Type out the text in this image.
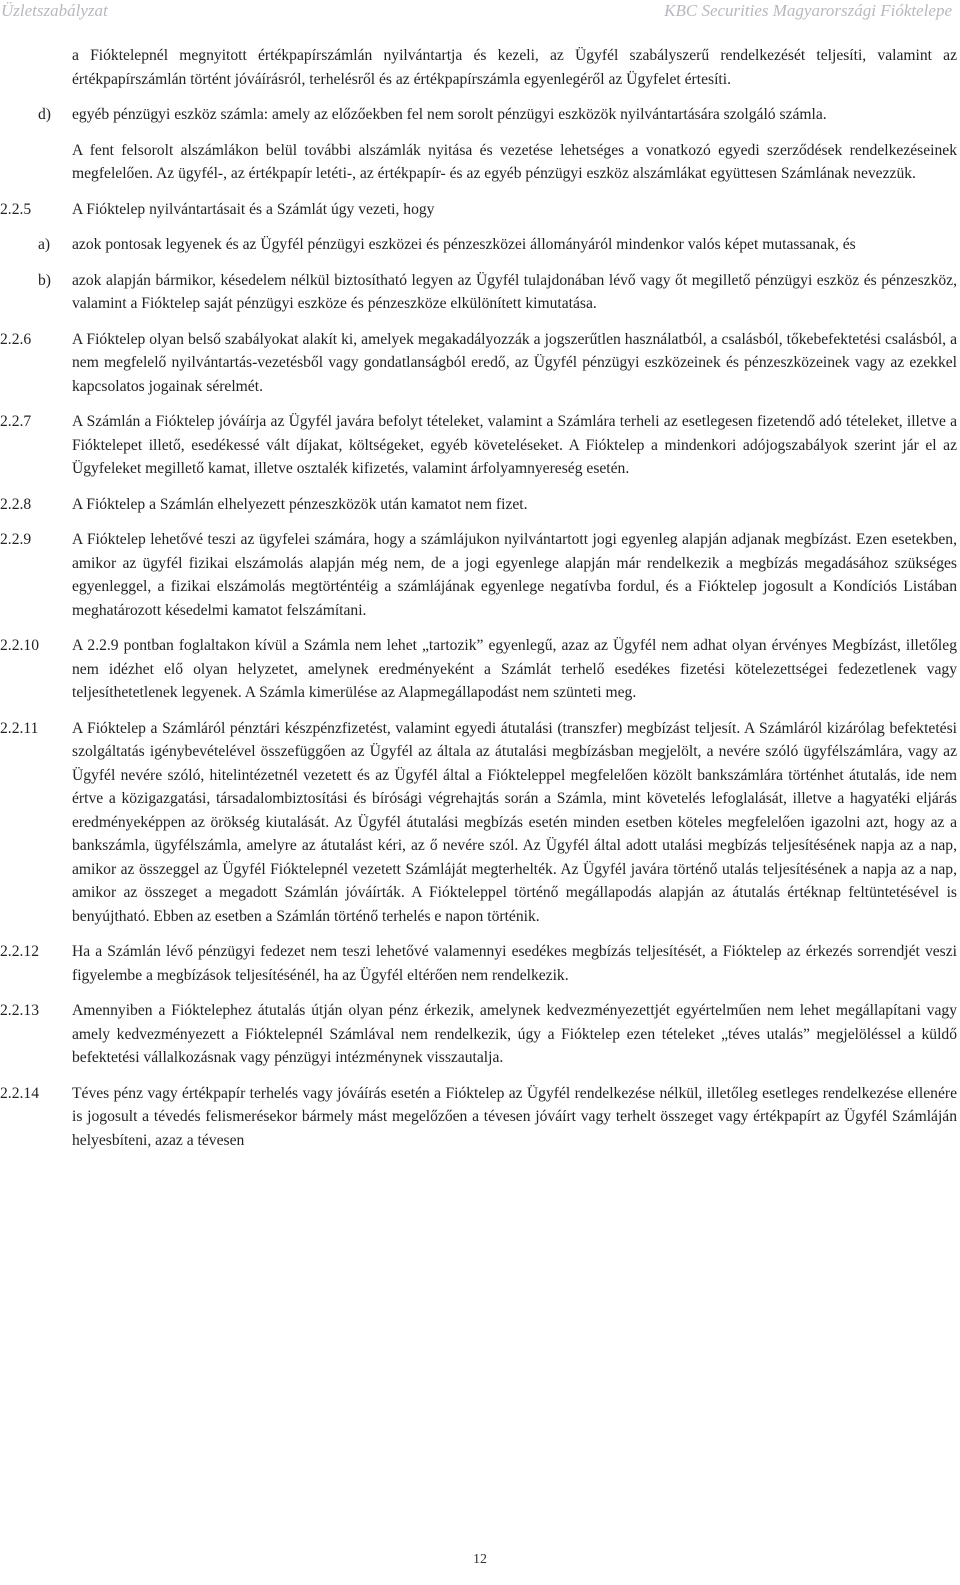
Üzletszabályzat	KBC Securities Magyarországi Fióktelepe
a Fióktelepnél megnyitott értékpapírszámlán nyilvántartja és kezeli, az Ügyfél szabályszerű rendelkezését teljesíti, valamint az értékpapírszámlán történt jóváírásról, terhelésről és az értékpapírszámla egyenlegéről az Ügyfelet értesíti.
d) egyéb pénzügyi eszköz számla: amely az előzőekben fel nem sorolt pénzügyi eszközök nyilvántartására szolgáló számla.
A fent felsorolt alszámlákon belül további alszámlák nyitása és vezetése lehetséges a vonatkozó egyedi szerződések rendelkezéseinek megfelelően. Az ügyfél-, az értékpapír letéti-, az értékpapír- és az egyéb pénzügyi eszköz alszámlákat együttesen Számlának nevezzük.
2.2.5	A Fióktelep nyilvántartásait és a Számlát úgy vezeti, hogy
a) azok pontosak legyenek és az Ügyfél pénzügyi eszközei és pénzeszközei állományáról mindenkor valós képet mutassanak, és
b) azok alapján bármikor, késedelem nélkül biztosítható legyen az Ügyfél tulajdonában lévő vagy őt megillető pénzügyi eszköz és pénzeszköz, valamint a Fióktelep saját pénzügyi eszköze és pénzeszköze elkülönített kimutatása.
2.2.6	A Fióktelep olyan belső szabályokat alakít ki, amelyek megakadályozzák a jogszerűtlen használatból, a csalásból, tőkebefektetési csalásból, a nem megfelelő nyilvántartás-vezetésből vagy gondatlanságból eredő, az Ügyfél pénzügyi eszközeinek és pénzeszközeinek vagy az ezekkel kapcsolatos jogainak sérelmét.
2.2.7	A Számlán a Fióktelep jóváírja az Ügyfél javára befolyt tételeket, valamint a Számlára terheli az esetlegesen fizetendő adó tételeket, illetve a Fióktelepet illető, esedékessé vált díjakat, költségeket, egyéb követeléseket. A Fióktelep a mindenkori adójogszabályok szerint jár el az Ügyfeleket megillető kamat, illetve osztalék kifizetés, valamint árfolyamnyereség esetén.
2.2.8	A Fióktelep a Számlán elhelyezett pénzeszközök után kamatot nem fizet.
2.2.9	A Fióktelep lehetővé teszi az ügyfelei számára, hogy a számlájukon nyilvántartott jogi egyenleg alapján adjanak megbízást. Ezen esetekben, amikor az ügyfél fizikai elszámolás alapján még nem, de a jogi egyenlege alapján már rendelkezik a megbízás megadásához szükséges egyenleggel, a fizikai elszámolás megtörténtéig a számlájának egyenlege negatívba fordul, és a Fióktelep jogosult a Kondíciós Listában meghatározott késedelmi kamatot felszámítani.
2.2.10 A 2.2.9 pontban foglaltakon kívül a Számla nem lehet „tartozik” egyenlegű, azaz az Ügyfél nem adhat olyan érvényes Megbízást, illetőleg nem idézhet elő olyan helyzetet, amelynek eredményeként a Számlát terhelő esedékes fizetési kötelezettségei fedezetlenek vagy teljesíthetetlenek legyenek. A Számla kimerülése az Alapmegállapodást nem szünteti meg.
2.2.11 A Fióktelep a Számláról pénztári készpénzfizetést, valamint egyedi átutalási (transzfer) megbízást teljesít. A Számláról kizárólag befektetési szolgáltatás igénybevételével összefüggően az Ügyfél az általa az átutalási megbízásban megjelölt, a nevére szóló ügyfélszámlára, vagy az Ügyfél nevére szóló, hitelintézetnél vezetett és az Ügyfél által a Fiókteleppel megfelelően közölt bankszámlára történhet átutalás, ide nem értve a közigazgatási, társadalombiztosítási és bírósági végrehajtás során a Számla, mint követelés lefoglalását, illetve a hagyatéki eljárás eredményeképpen az örökség kiutalását. Az Ügyfél átutalási megbízás esetén minden esetben köteles megfelelően igazolni azt, hogy az a bankszámla, ügyfélszámla, amelyre az átutalást kéri, az ő nevére szól. Az Ügyfél által adott utalási megbízás teljesítésének napja az a nap, amikor az összeggel az Ügyfél Fióktelepnél vezetett Számláját megterhelték. Az Ügyfél javára történő utalás teljesítésének a napja az a nap, amikor az összeget a megadott Számlán jóváírták. A Fiókteleppel történő megállapodás alapján az átutalás értéknap feltüntetésével is benyújtható. Ebben az esetben a Számlán történő terhelés e napon történik.
2.2.12 Ha a Számlán lévő pénzügyi fedezet nem teszi lehetővé valamennyi esedékes megbízás teljesítését, a Fióktelep az érkezés sorrendjét veszi figyelembe a megbízások teljesítésénél, ha az Ügyfél eltérően nem rendelkezik.
2.2.13 Amennyiben a Fióktelephez átutalás útján olyan pénz érkezik, amelynek kedvezményezettjét egyértelműen nem lehet megállapítani vagy amely kedvezményezett a Fióktelepnél Számlával nem rendelkezik, úgy a Fióktelep ezen tételeket „téves utalás” megjelöléssel a küldő befektetési vállalkozásnak vagy pénzügyi intézménynek visszautalja.
2.2.14 Téves pénz vagy értékpapír terhelés vagy jóváírás esetén a Fióktelep az Ügyfél rendelkezése nélkül, illetőleg esetleges rendelkezése ellenére is jogosult a tévedés felismerésekor bármely mást megelőzően a tévesen jóváírt vagy terhelt összeget vagy értékpapírt az Ügyfél Számláján helyesbíteni, azaz a tévesen
12
